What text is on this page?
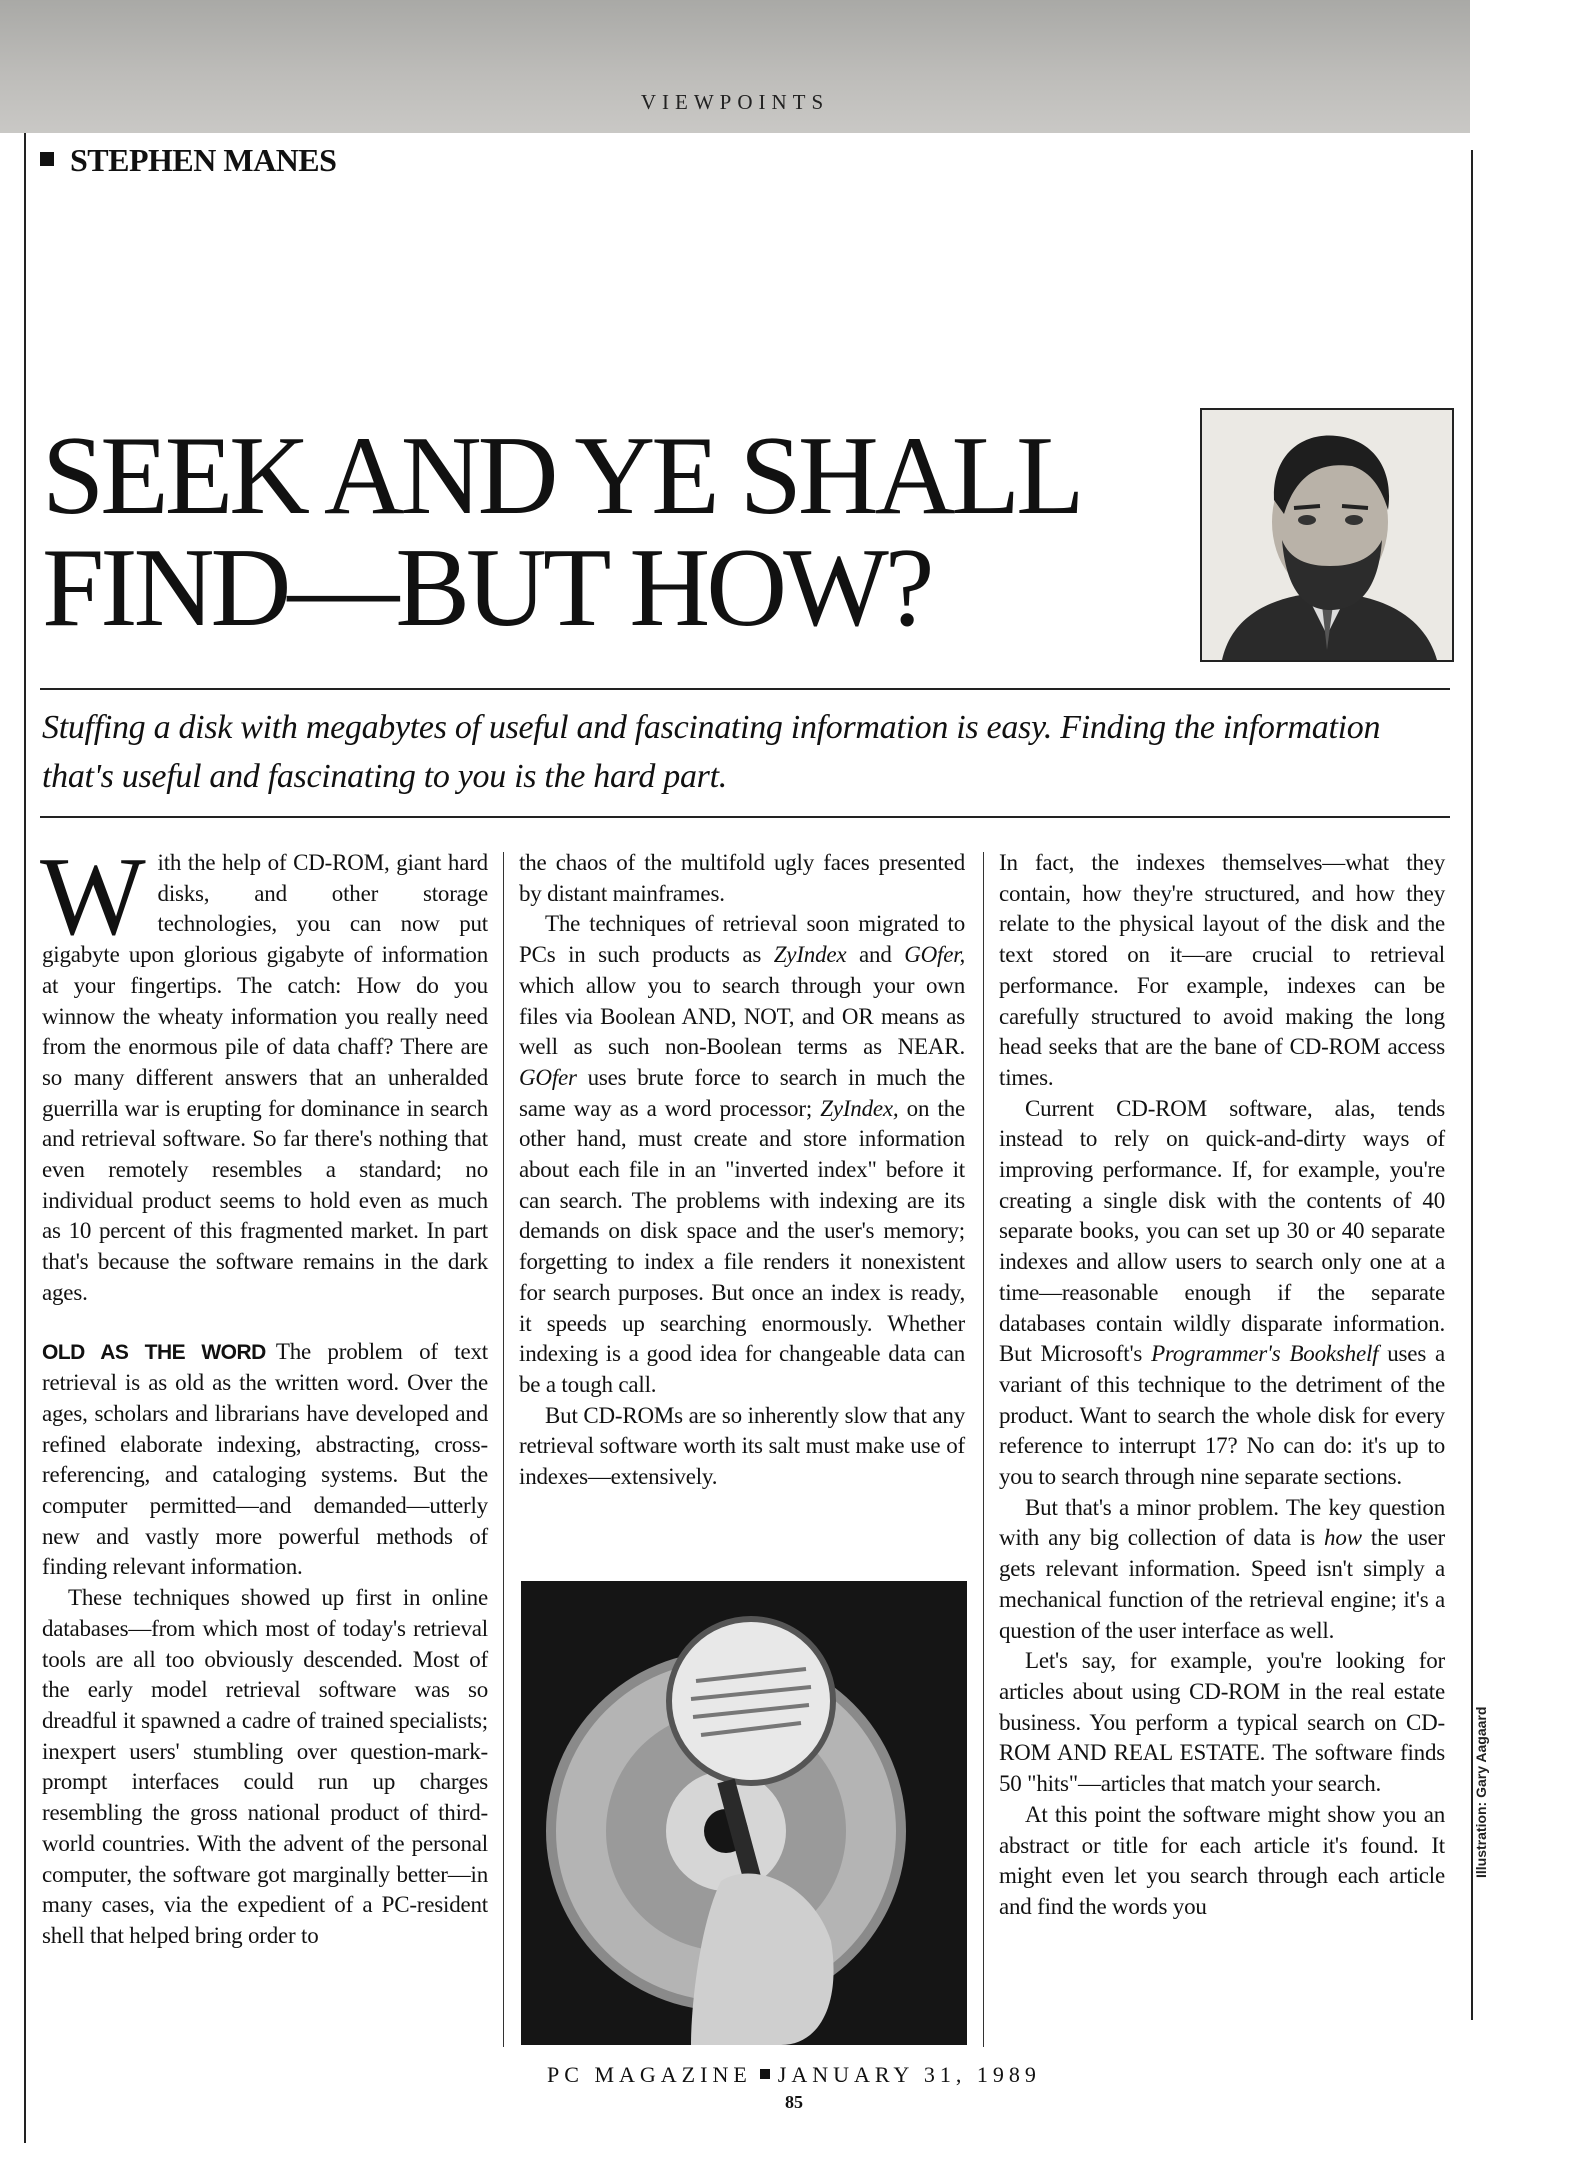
VIEWPOINTS
STEPHEN MANES
SEEK AND YE SHALL
FIND—BUT HOW?
Stuffing a disk with megabytes of useful and fascinating information is easy. Finding the information that's useful and fascinating to you is the hard part.

With the help of CD-ROM, giant hard disks, and other storage technologies, you can now put gigabyte upon glorious gigabyte of information at your fingertips. The catch: How do you winnow the wheaty information you really need from the enormous pile of data chaff? There are so many different answers that an unheralded guerrilla war is erupting for dominance in search and retrieval software. So far there's nothing that even remotely resembles a standard; no individual product seems to hold even as much as 10 percent of this fragmented market. In part that's because the software remains in the dark ages.

OLD AS THE WORD The problem of text retrieval is as old as the written word. Over the ages, scholars and librarians have developed and refined elaborate indexing, abstracting, cross-referencing, and cataloging systems. But the computer permitted—and demanded—utterly new and vastly more powerful methods of finding relevant information.

These techniques showed up first in online databases—from which most of today's retrieval tools are all too obviously descended. Most of the early model retrieval software was so dreadful it spawned a cadre of trained specialists; inexpert users' stumbling over question-mark-prompt interfaces could run up charges resembling the gross national product of third-world countries. With the advent of the personal computer, the software got marginally better—in many cases, via the expedient of a PC-resident shell that helped bring order to

the chaos of the multifold ugly faces presented by distant mainframes.

The techniques of retrieval soon migrated to PCs in such products as ZyIndex and GOfer, which allow you to search through your own files via Boolean AND, NOT, and OR means as well as such non-Boolean terms as NEAR. GOfer uses brute force to search in much the same way as a word processor; ZyIndex, on the other hand, must create and store information about each file in an "inverted index" before it can search. The problems with indexing are its demands on disk space and the user's memory; forgetting to index a file renders it nonexistent for search purposes. But once an index is ready, it speeds up searching enormously. Whether indexing is a good idea for changeable data can be a tough call.

But CD-ROMs are so inherently slow that any retrieval software worth its salt must make use of indexes—extensively.

In fact, the indexes themselves—what they contain, how they're structured, and how they relate to the physical layout of the disk and the text stored on it—are crucial to retrieval performance. For example, indexes can be carefully structured to avoid making the long head seeks that are the bane of CD-ROM access times.

Current CD-ROM software, alas, tends instead to rely on quick-and-dirty ways of improving performance. If, for example, you're creating a single disk with the contents of 40 separate books, you can set up 30 or 40 separate indexes and allow users to search only one at a time—reasonable enough if the separate databases contain wildly disparate information. But Microsoft's Programmer's Bookshelf uses a variant of this technique to the detriment of the product. Want to search the whole disk for every reference to interrupt 17? No can do: it's up to you to search through nine separate sections.

But that's a minor problem. The key question with any big collection of data is how the user gets relevant information. Speed isn't simply a mechanical function of the retrieval engine; it's a question of the user interface as well.

Let's say, for example, you're looking for articles about using CD-ROM in the real estate business. You perform a typical search on CD-ROM AND REAL ESTATE. The software finds 50 "hits"—articles that match your search.

At this point the software might show you an abstract or title for each article it's found. It might even let you search through each article and find the words you

Illustration: Gary Aagaard
PC MAGAZINE JANUARY 31, 1989
85
